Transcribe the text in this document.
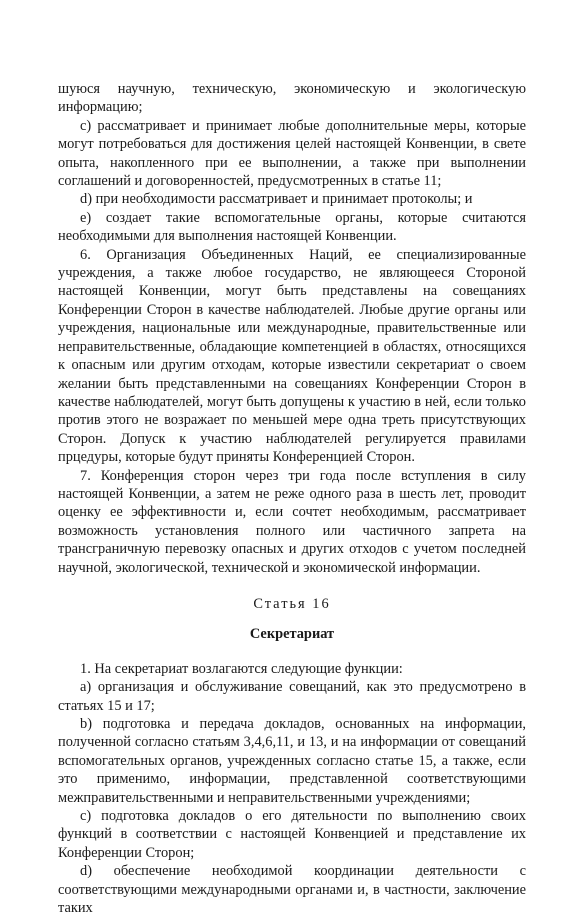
шуюся научную, техническую, экономическую и экологическую информацию;

c) рассматривает и принимает любые дополнительные меры, которые могут потребоваться для достижения целей настоящей Конвенции, в свете опыта, накопленного при ее выполнении, а также при выполнении соглашений и договоренностей, предусмотренных в статье 11;

d) при необходимости рассматривает и принимает протоколы; и

e) создает такие вспомогательные органы, которые считаются необходимыми для выполнения настоящей Конвенции.

6. Организация Объединенных Наций, ее специализированные учреждения, а также любое государство, не являющееся Стороной настоящей Конвенции, могут быть представлены на совещаниях Конференции Сторон в качестве наблюдателей. Любые другие органы или учреждения, национальные или международные, правительственные или неправительственные, обладающие компетенцией в областях, относящихся к опасным или другим отходам, которые известили секретариат о своем желании быть представленными на совещаниях Конференции Сторон в качестве наблюдателей, могут быть допущены к участию в ней, если только против этого не возражает по меньшей мере одна треть присутствующих Сторон. Допуск к участию наблюдателей регулируется правилами прцедуры, которые будут приняты Конференцией Сторон.

7. Конференция сторон через три года после вступления в силу настоящей Конвенции, а затем не реже одного раза в шесть лет, проводит оценку ее эффективности и, если сочтет необходимым, рассматривает возможность установления полного или частичного запрета на трансграничную перевозку опасных и других отходов с учетом последней научной, экологической, технической и экономической информации.

Статья 16

Секретариат

1. На секретариат возлагаются следующие функции:

a) организация и обслуживание совещаний, как это предусмотрено в статьях 15 и 17;

b) подготовка и передача докладов, основанных на информации, полученной согласно статьям 3,4,6,11, и 13, и на информации от совещаний вспомогательных органов, учрежденных согласно статье 15, а также, если это применимо, информации, представленной соответствующими межправительственными и неправительственными учреждениями;

c) подготовка докладов о его дятельности по выполнению своих функций в соответствии с настоящей Конвенцией и представление их Конференции Сторон;

d) обеспечение необходимой координации деятельности с соответствующими международными органами и, в частности, заключение таких
